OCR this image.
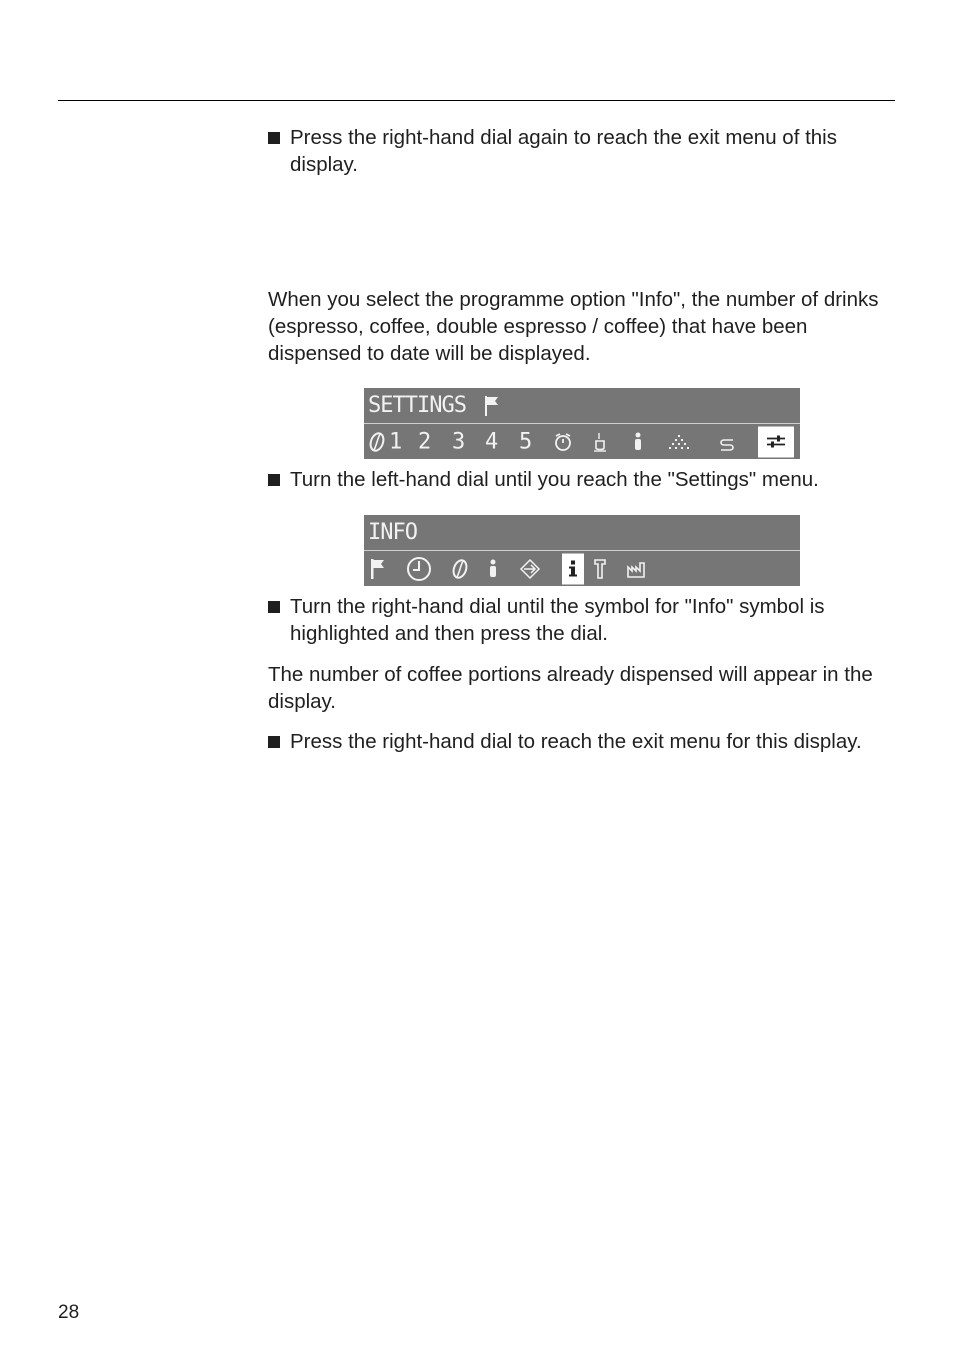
Press the right-hand dial again to reach the exit menu of this display.
When you select the programme option "Info", the number of drinks (espresso, coffee, double espresso / coffee) that have been dispensed to date will be displayed.
SETTINGS
1 2 3 4 5
Turn the left-hand dial until you reach the "Settings" menu.
INFO
Turn the right-hand dial until the symbol for "Info" symbol is highlighted and then press the dial.
The number of coffee portions already dispensed will appear in the display.
Press the right-hand dial to reach the exit menu for this display.
28
